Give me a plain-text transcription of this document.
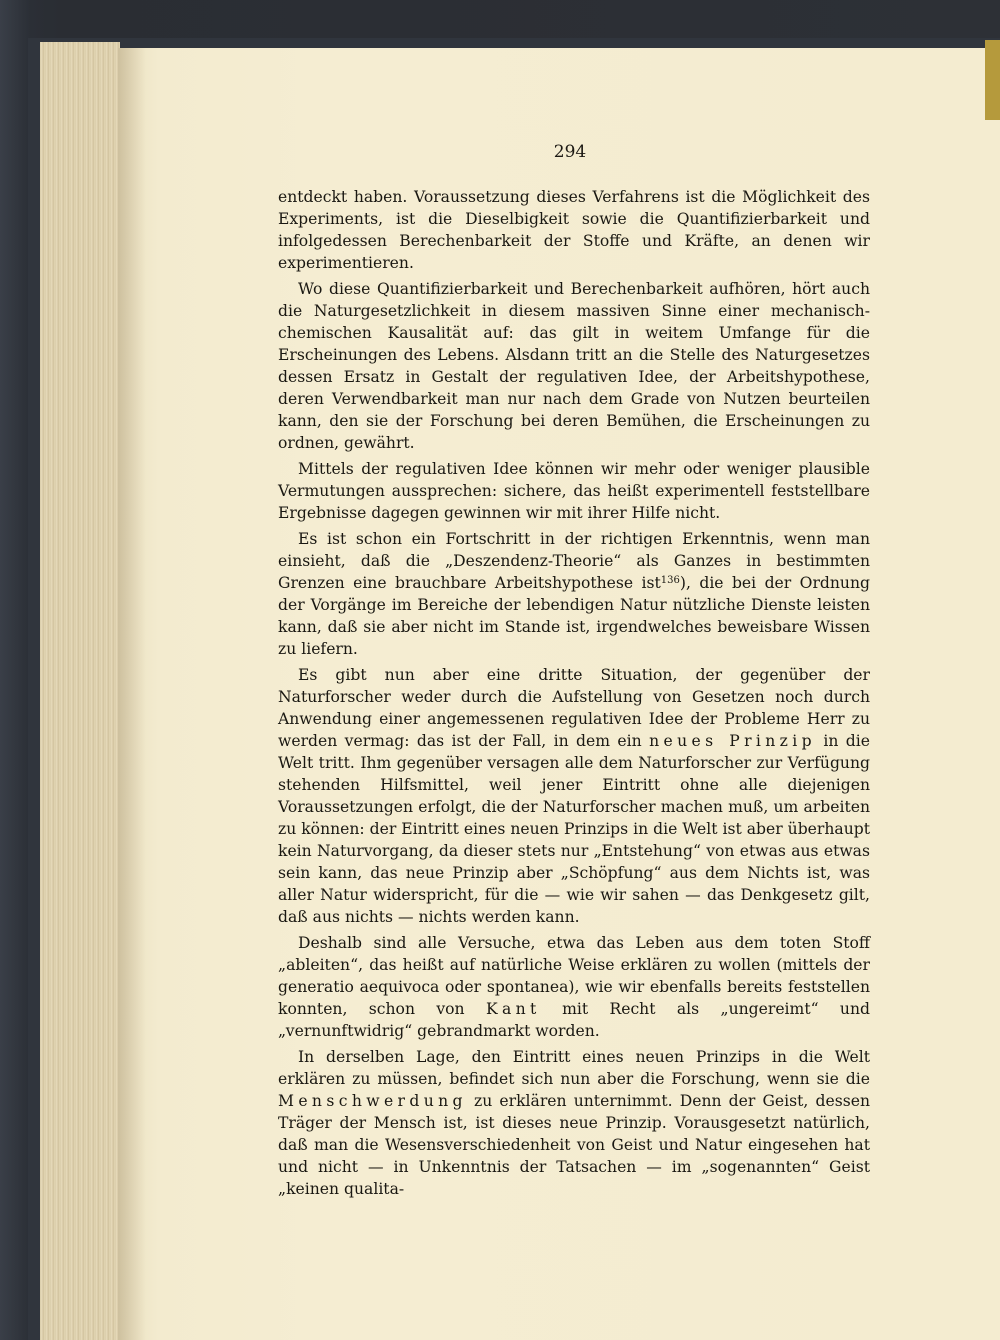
294

entdeckt haben. Voraussetzung dieses Verfahrens ist die Möglichkeit des Experiments, ist die Dieselbigkeit sowie die Quantifizierbarkeit und infolgedessen Berechenbarkeit der Stoffe und Kräfte, an denen wir experimentieren.

Wo diese Quantifizierbarkeit und Berechenbarkeit aufhören, hört auch die Naturgesetzlichkeit in diesem massiven Sinne einer mechanisch-chemischen Kausalität auf: das gilt in weitem Umfange für die Erscheinungen des Lebens. Alsdann tritt an die Stelle des Naturgesetzes dessen Ersatz in Gestalt der regulativen Idee, der Arbeitshypothese, deren Verwendbarkeit man nur nach dem Grade von Nutzen beurteilen kann, den sie der Forschung bei deren Bemühen, die Erscheinungen zu ordnen, gewährt.

Mittels der regulativen Idee können wir mehr oder weniger plausible Vermutungen aussprechen: sichere, das heißt experimentell feststellbare Ergebnisse dagegen gewinnen wir mit ihrer Hilfe nicht.

Es ist schon ein Fortschritt in der richtigen Erkenntnis, wenn man einsieht, daß die „Deszendenz-Theorie“ als Ganzes in bestimmten Grenzen eine brauchbare Arbeitshypothese ist$^{136}$), die bei der Ordnung der Vorgänge im Bereiche der lebendigen Natur nützliche Dienste leisten kann, daß sie aber nicht im Stande ist, irgendwelches beweisbare Wissen zu liefern.

Es gibt nun aber eine dritte Situation, der gegenüber der Naturforscher weder durch die Aufstellung von Gesetzen noch durch Anwendung einer angemessenen regulativen Idee der Probleme Herr zu werden vermag: das ist der Fall, in dem ein neues Prinzip in die Welt tritt. Ihm gegenüber versagen alle dem Naturforscher zur Verfügung stehenden Hilfsmittel, weil jener Eintritt ohne alle diejenigen Voraussetzungen erfolgt, die der Naturforscher machen muß, um arbeiten zu können: der Eintritt eines neuen Prinzips in die Welt ist aber überhaupt kein Naturvorgang, da dieser stets nur „Entstehung“ von etwas aus etwas sein kann, das neue Prinzip aber „Schöpfung“ aus dem Nichts ist, was aller Natur widerspricht, für die — wie wir sahen — das Denkgesetz gilt, daß aus nichts — nichts werden kann.

Deshalb sind alle Versuche, etwa das Leben aus dem toten Stoff „ableiten“, das heißt auf natürliche Weise erklären zu wollen (mittels der generatio aequivoca oder spontanea), wie wir ebenfalls bereits feststellen konnten, schon von Kant mit Recht als „ungereimt“ und „vernunftwidrig“ gebrandmarkt worden.

In derselben Lage, den Eintritt eines neuen Prinzips in die Welt erklären zu müssen, befindet sich nun aber die Forschung, wenn sie die Menschwerdung zu erklären unternimmt. Denn der Geist, dessen Träger der Mensch ist, ist dieses neue Prinzip. Vorausgesetzt natürlich, daß man die Wesensverschiedenheit von Geist und Natur eingesehen hat und nicht — in Unkenntnis der Tatsachen — im „sogenannten“ Geist „keinen qualita-
